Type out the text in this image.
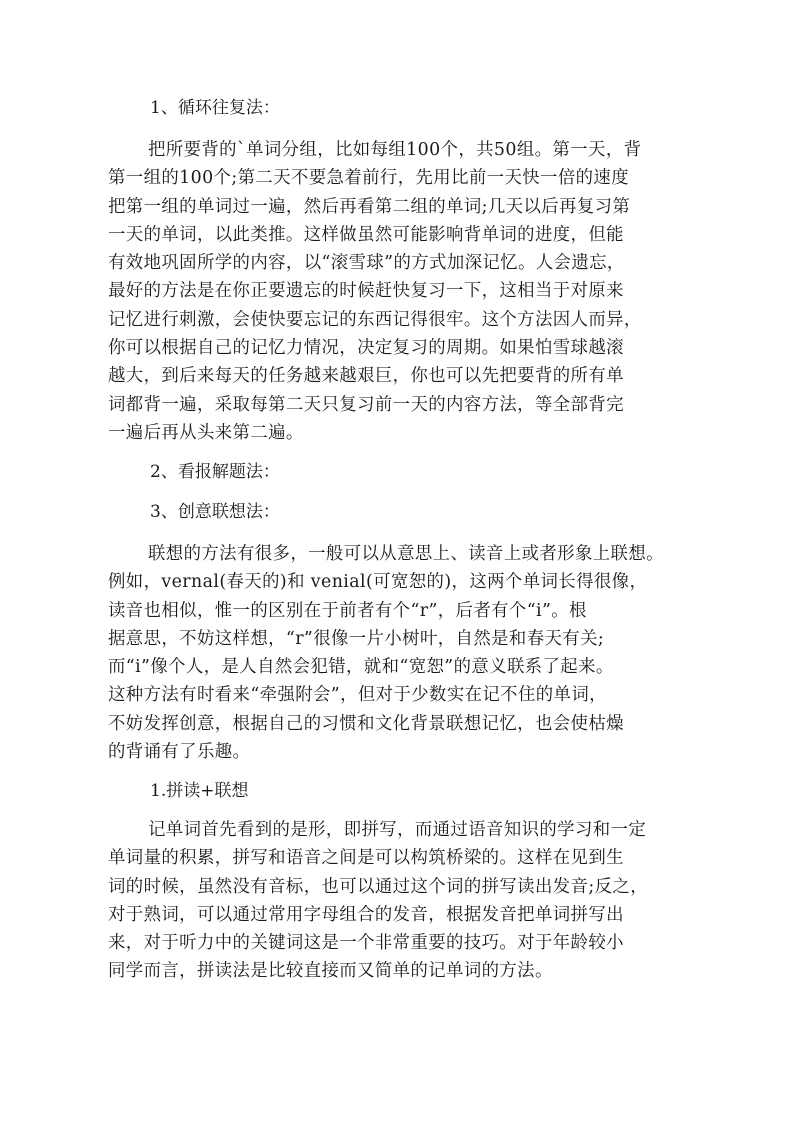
1、循环往复法：
把所要背的`单词分组，比如每组100个，共50组。第一天，背
第一组的100个;第二天不要急着前行，先用比前一天快一倍的速度
把第一组的单词过一遍，然后再看第二组的单词;几天以后再复习第
一天的单词，以此类推。这样做虽然可能影响背单词的进度，但能
有效地巩固所学的内容，以“滚雪球”的方式加深记忆。人会遗忘，
最好的方法是在你正要遗忘的时候赶快复习一下，这相当于对原来
记忆进行刺激，会使快要忘记的东西记得很牢。这个方法因人而异，
你可以根据自己的记忆力情况，决定复习的周期。如果怕雪球越滚
越大，到后来每天的任务越来越艰巨，你也可以先把要背的所有单
词都背一遍，采取每第二天只复习前一天的内容方法，等全部背完
一遍后再从头来第二遍。
2、看报解题法：
3、创意联想法：
联想的方法有很多，一般可以从意思上、读音上或者形象上联想。
例如，vernal(春天的)和 venial(可宽恕的)，这两个单词长得很像，
读音也相似，惟一的区别在于前者有个“r”，后者有个“i”。根
据意思，不妨这样想，“r”很像一片小树叶，自然是和春天有关;
而“i”像个人，是人自然会犯错，就和“宽恕”的意义联系了起来。
这种方法有时看来“牵强附会”，但对于少数实在记不住的单词，
不妨发挥创意，根据自己的习惯和文化背景联想记忆，也会使枯燥
的背诵有了乐趣。
1.拼读+联想
记单词首先看到的是形，即拼写，而通过语音知识的学习和一定
单词量的积累，拼写和语音之间是可以构筑桥梁的。这样在见到生
词的时候，虽然没有音标，也可以通过这个词的拼写读出发音;反之，
对于熟词，可以通过常用字母组合的发音，根据发音把单词拼写出
来，对于听力中的关键词这是一个非常重要的技巧。对于年龄较小
同学而言，拼读法是比较直接而又简单的记单词的方法。
